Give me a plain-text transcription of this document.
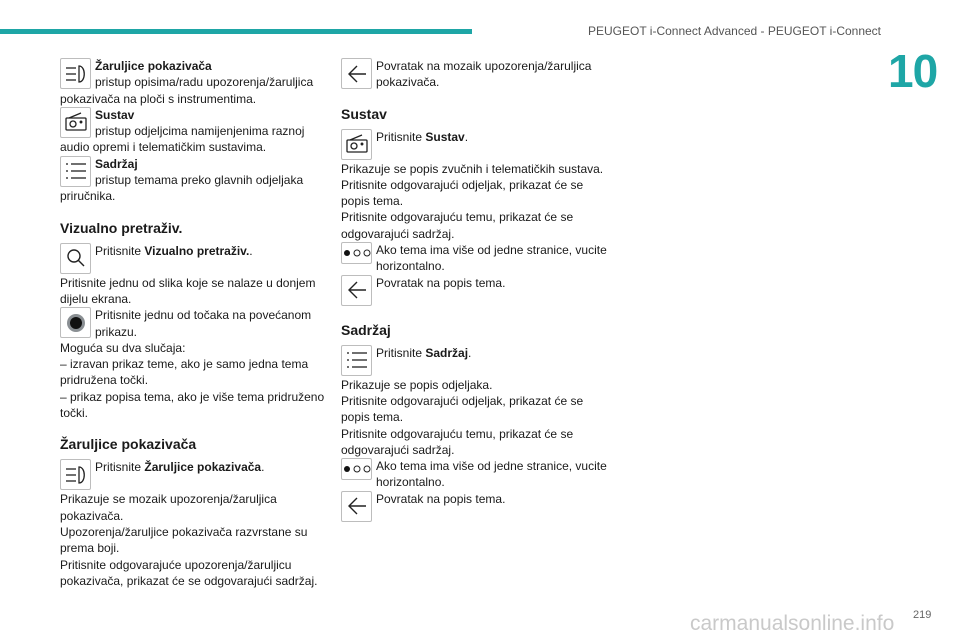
PEUGEOT i-Connect Advanced - PEUGEOT i-Connect
10
Žaruljice pokazivača
pristup opisima/radu upozorenja/žaruljica pokazivača na ploči s instrumentima.
Sustav
pristup odjeljcima namijenjenima raznoj audio opremi i telematičkim sustavima.
Sadržaj
pristup temama preko glavnih odjeljaka priručnika.
Vizualno pretraživ.
Pritisnite Vizualno pretraživ..

Pritisnite jednu od slika koje se nalaze u donjem dijelu ekrana.

Pritisnite jednu od točaka na povećanom prikazu.

Moguća su dva slučaja:

– izravan prikaz teme, ako je samo jedna tema pridružena točki.

– prikaz popisa tema, ako je više tema pridruženo točki.

Žaruljice pokazivača
Pritisnite Žaruljice pokazivača.

Prikazuje se mozaik upozorenja/žaruljica pokazivača.

Upozorenja/žaruljice pokazivača razvrstane su prema boji.

Pritisnite odgovarajuće upozorenja/žaruljicu pokazivača, prikazat će se odgovarajući sadržaj.

Povratak na mozaik upozorenja/žaruljica pokazivača.
Sustav
Pritisnite Sustav.

Prikazuje se popis zvučnih i telematičkih sustava.

Pritisnite odgovarajući odjeljak, prikazat će se popis tema.

Pritisnite odgovarajuću temu, prikazat će se odgovarajući sadržaj.

Ako tema ima više od jedne stranice, vucite horizontalno.
Povratak na popis tema.
Sadržaj
Pritisnite Sadržaj.

Prikazuje se popis odjeljaka.

Pritisnite odgovarajući odjeljak, prikazat će se popis tema.

Pritisnite odgovarajuću temu, prikazat će se odgovarajući sadržaj.

Ako tema ima više od jedne stranice, vucite horizontalno.
Povratak na popis tema.
carmanualsonline.info 219
